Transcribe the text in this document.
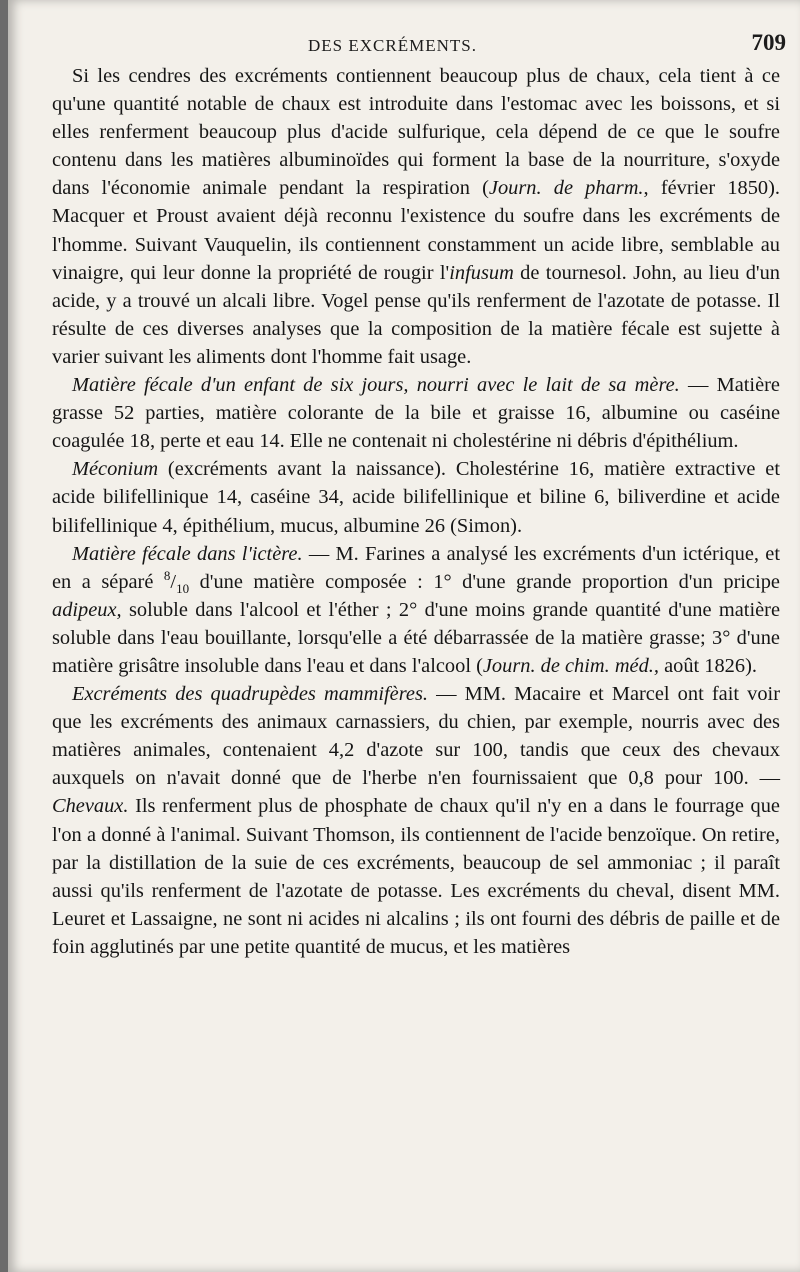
DES EXCRÉMENTS.	709

Si les cendres des excréments contiennent beaucoup plus de chaux, cela tient à ce qu'une quantité notable de chaux est introduite dans l'estomac avec les boissons, et si elles renferment beaucoup plus d'acide sulfurique, cela dépend de ce que le soufre contenu dans les matières albuminoïdes qui forment la base de la nourriture, s'oxyde dans l'économie animale pendant la respiration (Journ. de pharm., février 1850). Macquer et Proust avaient déjà reconnu l'existence du soufre dans les excréments de l'homme. Suivant Vauquelin, ils contiennent constamment un acide libre, semblable au vinaigre, qui leur donne la propriété de rougir l'infusum de tournesol. John, au lieu d'un acide, y a trouvé un alcali libre. Vogel pense qu'ils renferment de l'azotate de potasse. Il résulte de ces diverses analyses que la composition de la matière fécale est sujette à varier suivant les aliments dont l'homme fait usage.

Matière fécale d'un enfant de six jours, nourri avec le lait de sa mère. — Matière grasse 52 parties, matière colorante de la bile et graisse 16, albumine ou caséine coagulée 18, perte et eau 14. Elle ne contenait ni cholestérine ni débris d'épithélium.

Méconium (excréments avant la naissance). Cholestérine 16, matière extractive et acide bilifellinique 14, caséine 34, acide bilifellinique et biline 6, biliverdine et acide bilifellinique 4, épithélium, mucus, albumine 26 (Simon).

Matière fécale dans l'ictère. — M. Farines a analysé les excréments d'un ictérique, et en a séparé $^8/_{10}$ d'une matière composée : 1° d'une grande proportion d'un pricipe adipeux, soluble dans l'alcool et l'éther ; 2° d'une moins grande quantité d'une matière soluble dans l'eau bouillante, lorsqu'elle a été débarrassée de la matière grasse; 3° d'une matière grisâtre insoluble dans l'eau et dans l'alcool (Journ. de chim. méd., août 1826).

Excréments des quadrupèdes mammifères. — MM. Macaire et Marcel ont fait voir que les excréments des animaux carnassiers, du chien, par exemple, nourris avec des matières animales, contenaient 4,2 d'azote sur 100, tandis que ceux des chevaux auxquels on n'avait donné que de l'herbe n'en fournissaient que 0,8 pour 100. — Chevaux. Ils renferment plus de phosphate de chaux qu'il n'y en a dans le fourrage que l'on a donné à l'animal. Suivant Thomson, ils contiennent de l'acide benzoïque. On retire, par la distillation de la suie de ces excréments, beaucoup de sel ammoniac ; il paraît aussi qu'ils renferment de l'azotate de potasse. Les excréments du cheval, disent MM. Leuret et Lassaigne, ne sont ni acides ni alcalins ; ils ont fourni des débris de paille et de foin agglutinés par une petite quantité de mucus, et les matières
